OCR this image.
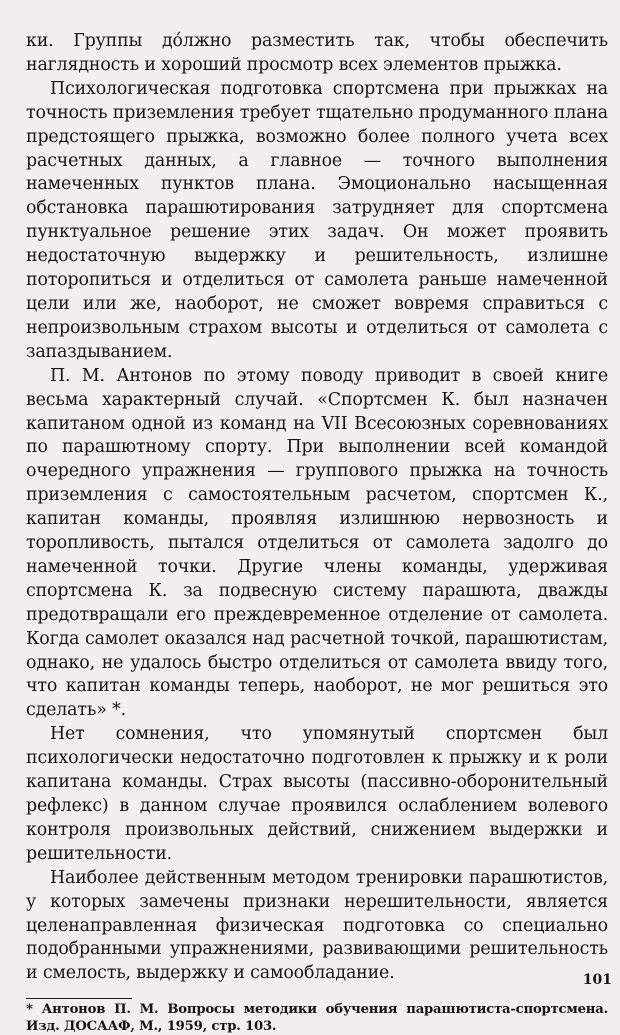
ки. Группы дóлжно разместить так, чтобы обеспечить наглядность и хороший просмотр всех элементов прыжка.

Психологическая подготовка спортсмена при прыжках на точность приземления требует тщательно продуманного плана предстоящего прыжка, возможно более полного учета всех расчетных данных, а главное — точного выполнения намеченных пунктов плана. Эмоционально насыщенная обстановка парашютирования затрудняет для спортсмена пунктуальное решение этих задач. Он может проявить недостаточную выдержку и решительность, излишне поторопиться и отделиться от самолета раньше намеченной цели или же, наоборот, не сможет вовремя справиться с непроизвольным страхом высоты и отделиться от самолета с запаздыванием.

П. М. Антонов по этому поводу приводит в своей книге весьма характерный случай. «Спортсмен К. был назначен капитаном одной из команд на VII Всесоюзных соревнованиях по парашютному спорту. При выполнении всей командой очередного упражнения — группового прыжка на точность приземления с самостоятельным расчетом, спортсмен К., капитан команды, проявляя излишнюю нервозность и торопливость, пытался отделиться от самолета задолго до намеченной точки. Другие члены команды, удерживая спортсмена К. за подвесную систему парашюта, дважды предотвращали его преждевременное отделение от самолета. Когда самолет оказался над расчетной точкой, парашютистам, однако, не удалось быстро отделиться от самолета ввиду того, что капитан команды теперь, наоборот, не мог решиться это сделать» *.

Нет сомнения, что упомянутый спортсмен был психологически недостаточно подготовлен к прыжку и к роли капитана команды. Страх высоты (пассивно-оборонительный рефлекс) в данном случае проявился ослаблением волевого контроля произвольных действий, снижением выдержки и решительности.

Наиболее действенным методом тренировки парашютистов, у которых замечены признаки нерешительности, является целенаправленная физическая подготовка со специально подобранными упражнениями, развивающими решительность и смелость, выдержку и самообладание.

* Антонов П. М. Вопросы методики обучения парашютиста-спортсмена. Изд. ДОСААФ, М., 1959, стр. 103.

101
